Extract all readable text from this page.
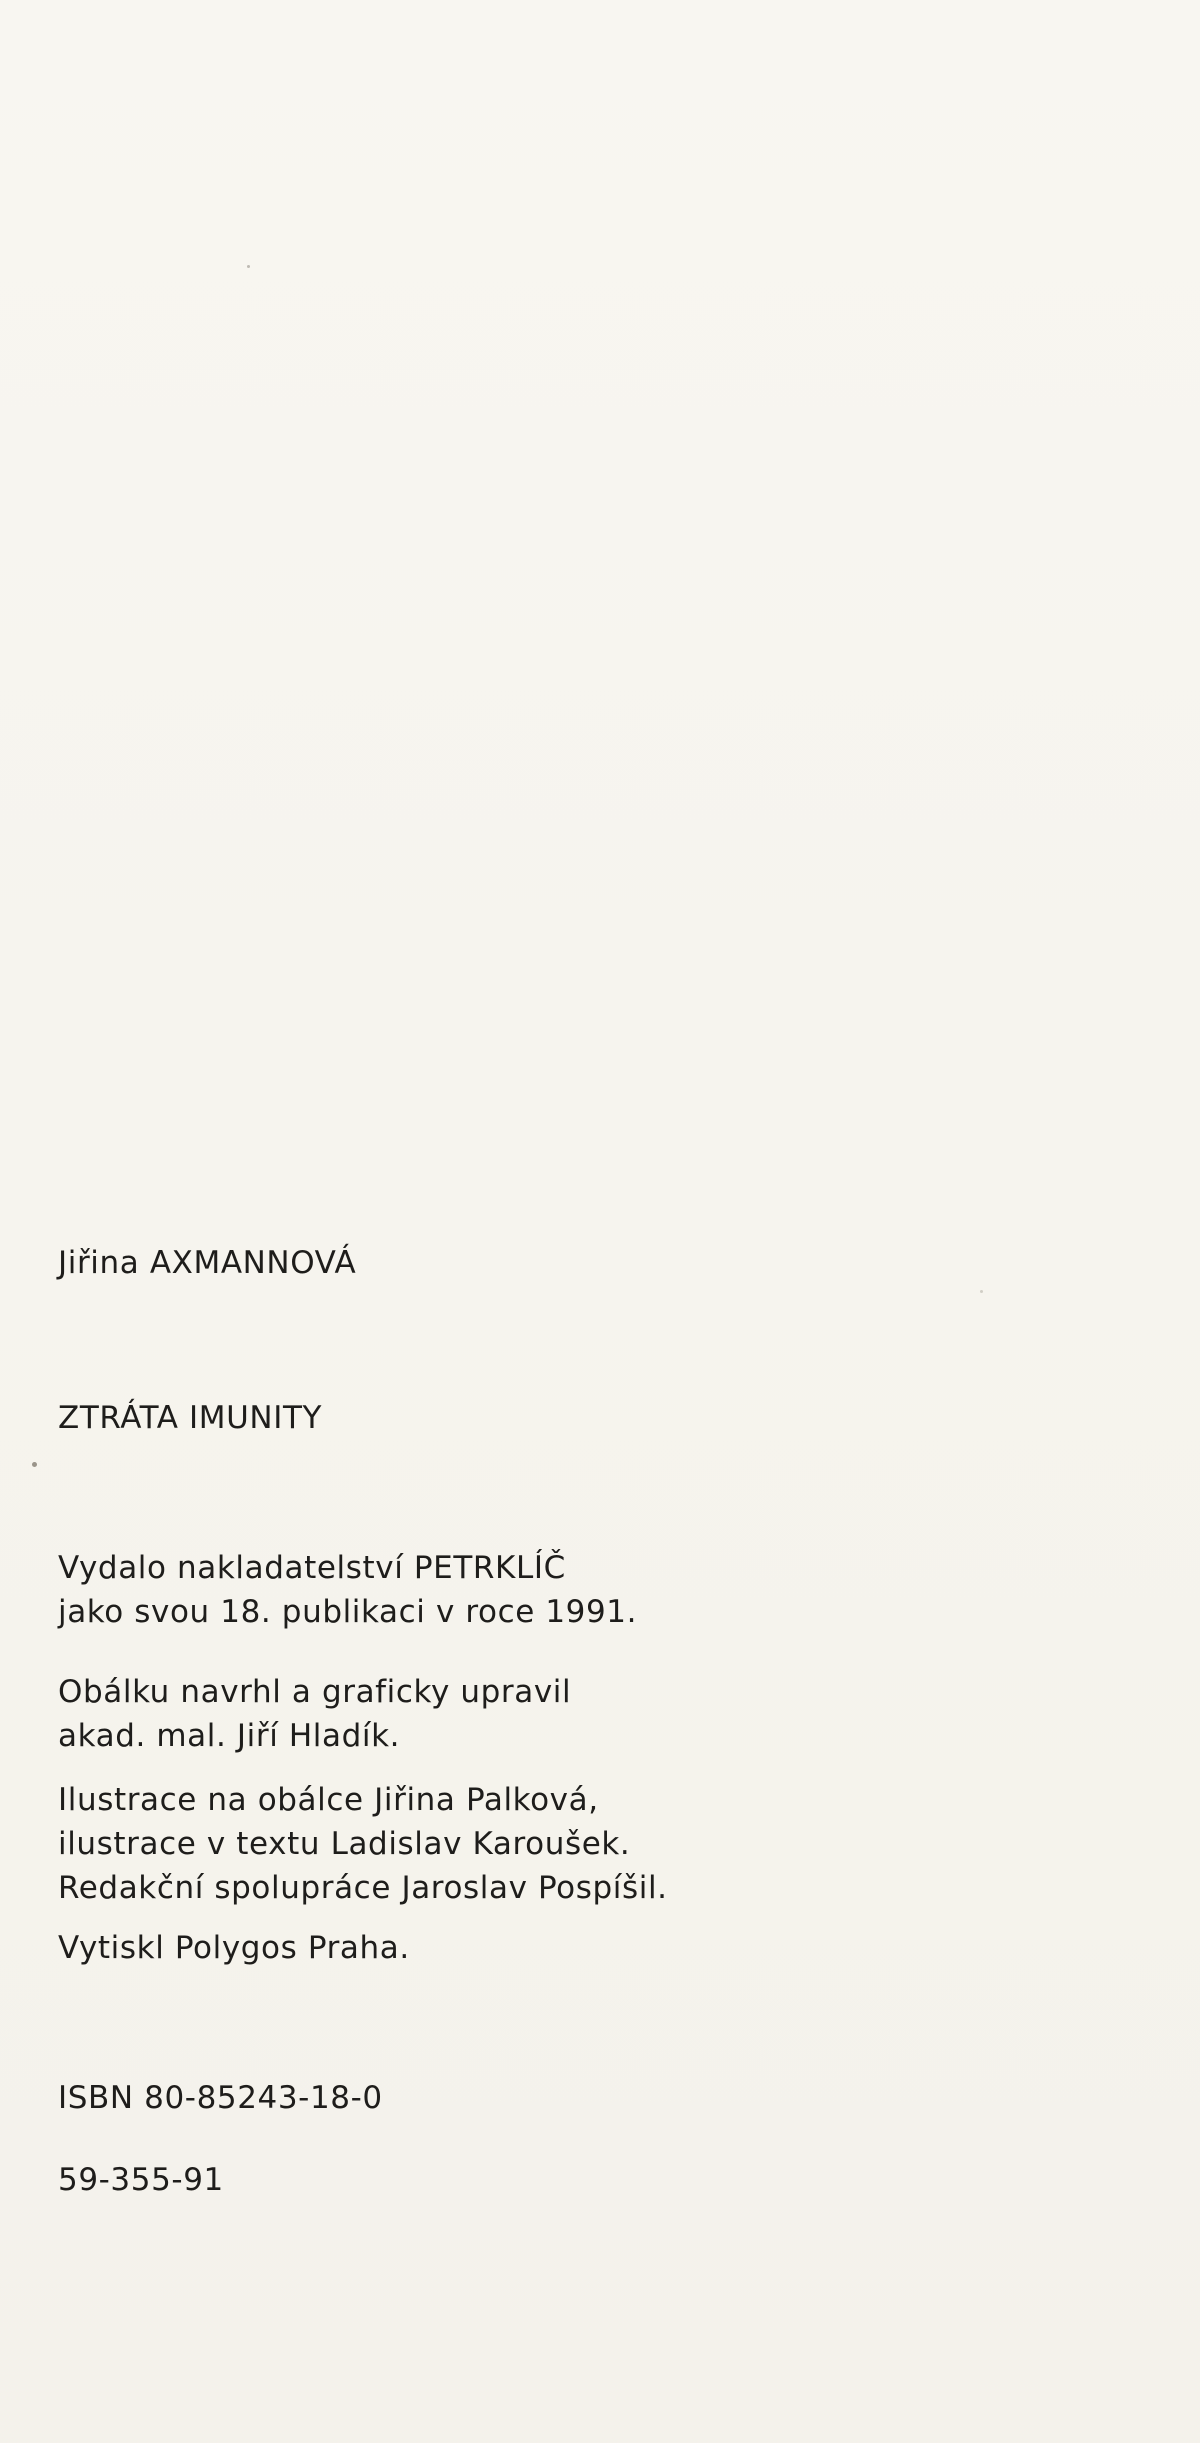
Jiřina AXMANNOVÁ
ZTRÁTA IMUNITY
Vydalo nakladatelství PETRKLÍČ
jako svou 18. publikaci v roce 1991.
Obálku navrhl a graficky upravil
akad. mal. Jiří Hladík.
Ilustrace na obálce Jiřina Palková,
ilustrace v textu Ladislav Karoušek.
Redakční spolupráce Jaroslav Pospíšil.
Vytiskl Polygos Praha.
ISBN 80-85243-18-0
59-355-91
